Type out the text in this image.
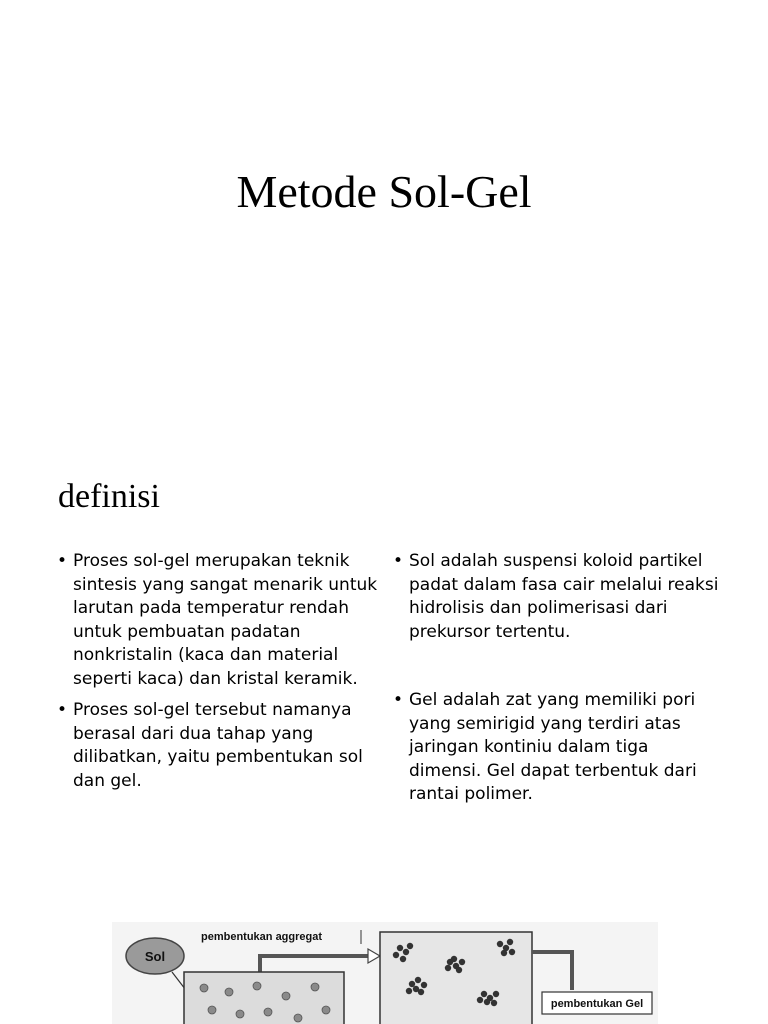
Metode Sol-Gel
definisi
• Proses sol-gel merupakan teknik sintesis yang sangat menarik untuk larutan pada temperatur rendah untuk pembuatan padatan nonkristalin (kaca dan material seperti kaca) dan kristal keramik.
• Proses sol-gel tersebut namanya berasal dari dua tahap yang dilibatkan, yaitu pembentukan sol dan gel.
• Sol adalah suspensi koloid partikel padat dalam fasa cair melalui reaksi hidrolisis dan polimerisasi dari prekursor tertentu.
• Gel adalah zat yang memiliki pori yang semirigid yang terdiri atas jaringan kontiniu dalam tiga dimensi. Gel dapat terbentuk dari rantai polimer.
Sol
pembentukan aggregat
pembentukan Gel
